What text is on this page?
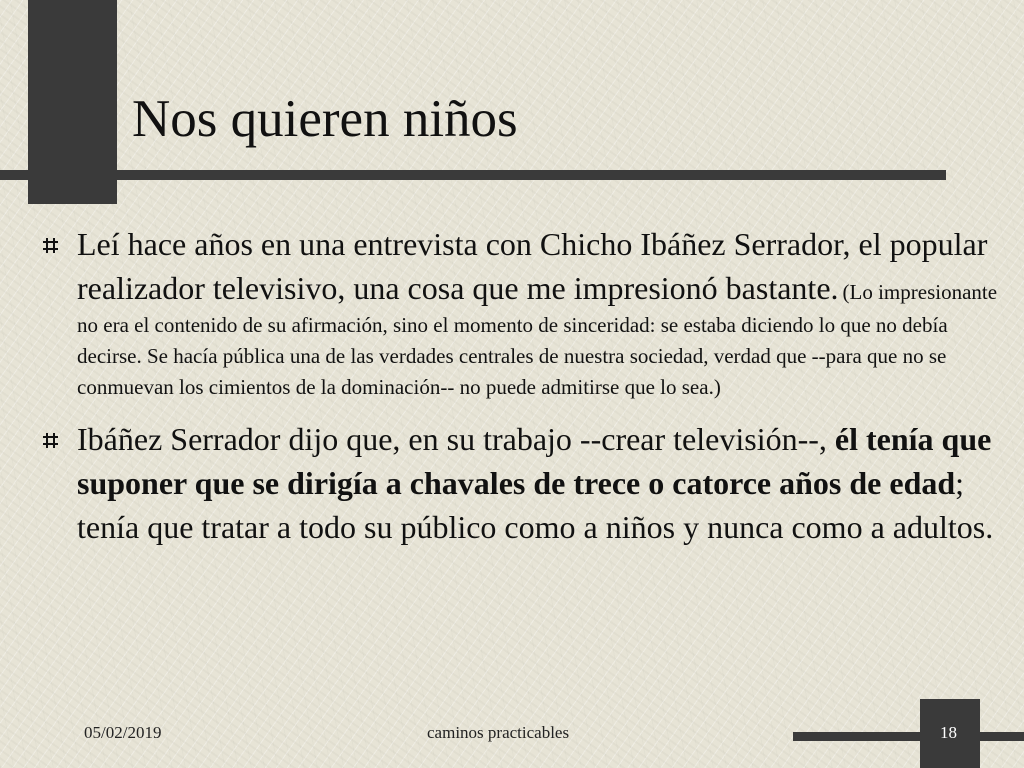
Nos quieren niños
Leí hace años en una entrevista con Chicho Ibáñez Serrador, el popular realizador televisivo, una cosa que me impresionó bastante. (Lo impresionante no era el contenido de su afirmación, sino el momento de sinceridad: se estaba diciendo lo que no debía decirse. Se hacía pública una de las verdades centrales de nuestra sociedad, verdad que --para que no se conmuevan los cimientos de la dominación-- no puede admitirse que lo sea.)
Ibáñez Serrador dijo que, en su trabajo --crear televisión--, él tenía que suponer que se dirigía a chavales de trece o catorce años de edad; tenía que tratar a todo su público como a niños y nunca como a adultos.
05/02/2019	caminos practicables	18
